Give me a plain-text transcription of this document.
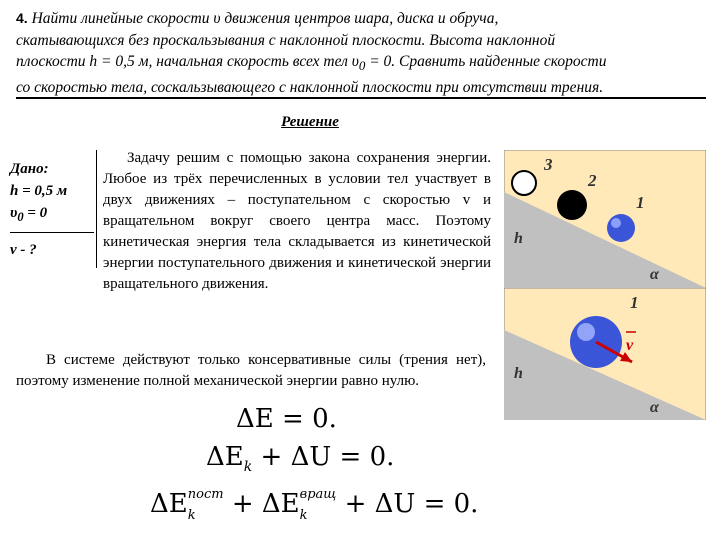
4. Найти линейные скорости υ движения центров шара, диска и обруча,
скатывающихся без проскальзывания с наклонной плоскости. Высота наклонной
плоскости h = 0,5 м, начальная скорость всех тел $\upsilon_0 = 0$. Сравнить найденные скорости
со скоростью тела, соскальзывающего с наклонной плоскости при отсутствии трения.
Решение
Дано:
h = 0,5 м
$\upsilon_0 = 0$
v - ?
Задачу решим с помощью закона сохранения энергии. Любое из трёх перечисленных в условии тел участвует в двух движениях – поступательном с скоростью v и вращательном вокруг своего центра масс. Поэтому кинетическая энергия тела складывается из кинетической энергии поступательного движения и кинетической энергии вращательного движения.
В системе действуют только консервативные силы (трения нет), поэтому изменение полной механической энергии равно нулю.
ΔE = 0.
$\Delta E_k + \Delta U = 0$.
ΔE пост
k	+ ΔE вращ
k	+ ΔU = 0.
3
2
1
h
α
v
1
h
α
